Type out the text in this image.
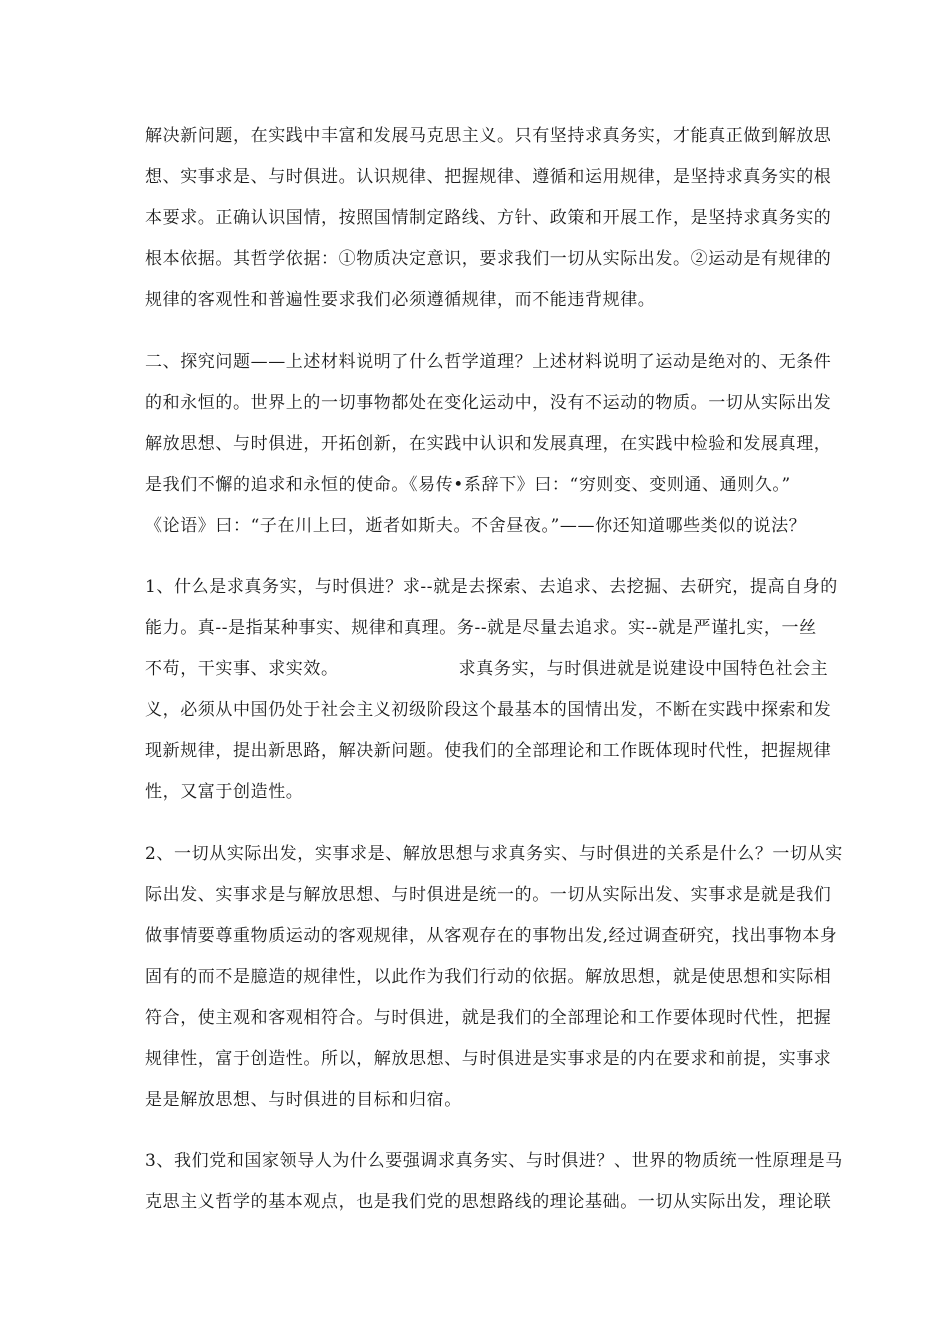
解决新问题，在实践中丰富和发展马克思主义。只有坚持求真务实，才能真正做到解放思
想、实事求是、与时俱进。认识规律、把握规律、遵循和运用规律，是坚持求真务实的根
本要求。正确认识国情，按照国情制定路线、方针、政策和开展工作，是坚持求真务实的
根本依据。其哲学依据：①物质决定意识，要求我们一切从实际出发。②运动是有规律的
规律的客观性和普遍性要求我们必须遵循规律，而不能违背规律。
二、探究问题——上述材料说明了什么哲学道理？上述材料说明了运动是绝对的、无条件
的和永恒的。世界上的一切事物都处在变化运动中，没有不运动的物质。一切从实际出发
解放思想、与时俱进，开拓创新，在实践中认识和发展真理，在实践中检验和发展真理，
是我们不懈的追求和永恒的使命。《易传•系辞下》曰：“穷则变、变则通、通则久。”
《论语》曰：“子在川上曰，逝者如斯夫。不舍昼夜。”——你还知道哪些类似的说法？
1、什么是求真务实，与时俱进？求--就是去探索、去追求、去挖掘、去研究，提高自身的
能力。真--是指某种事实、规律和真理。务--就是尽量去追求。实--就是严谨扎实，一丝
不苟，干实事、求实效。                    求真务实，与时俱进就是说建设中国特色社会主
义，必须从中国仍处于社会主义初级阶段这个最基本的国情出发，不断在实践中探索和发
现新规律，提出新思路，解决新问题。使我们的全部理论和工作既体现时代性，把握规律
性，又富于创造性。
2、一切从实际出发，实事求是、解放思想与求真务实、与时俱进的关系是什么？一切从实
际出发、实事求是与解放思想、与时俱进是统一的。一切从实际出发、实事求是就是我们
做事情要尊重物质运动的客观规律，从客观存在的事物出发,经过调查研究，找出事物本身
固有的而不是臆造的规律性，以此作为我们行动的依据。解放思想，就是使思想和实际相
符合，使主观和客观相符合。与时俱进，就是我们的全部理论和工作要体现时代性，把握
规律性，富于创造性。所以，解放思想、与时俱进是实事求是的内在要求和前提，实事求
是是解放思想、与时俱进的目标和归宿。
3、我们党和国家领导人为什么要强调求真务实、与时俱进？、世界的物质统一性原理是马
克思主义哲学的基本观点，也是我们党的思想路线的理论基础。一切从实际出发，理论联
